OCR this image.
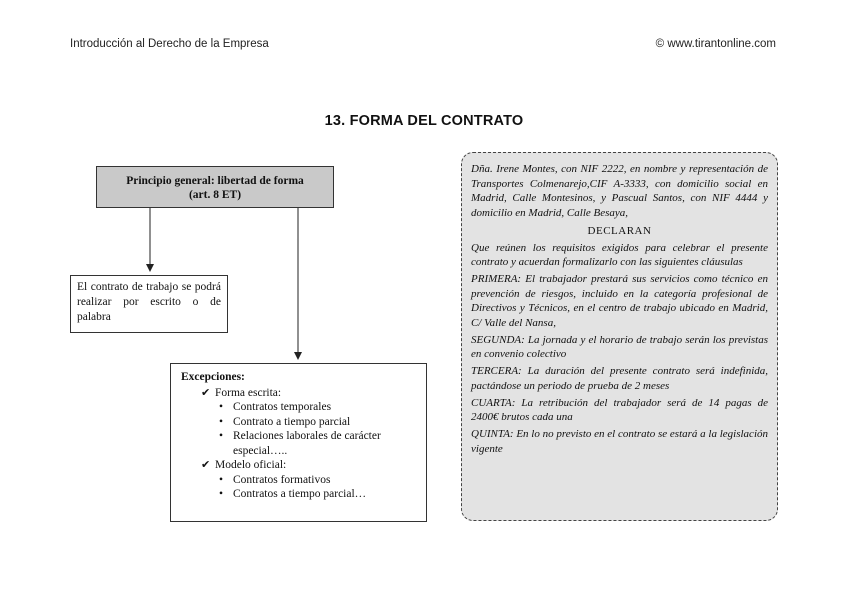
Introducción al Derecho de la Empresa	© www.tirantonline.com
13. FORMA DEL CONTRATO
Principio general: libertad de forma
(art. 8 ET)
El contrato de trabajo se podrá realizar por escrito o de palabra
Excepciones:
✔ Forma escrita:
• Contratos temporales
• Contrato a tiempo parcial
• Relaciones laborales de carácter especial…..
✔ Modelo oficial:
• Contratos formativos
• Contratos a tiempo parcial…

Dña. Irene Montes, con NIF 2222, en nombre y representación de Transportes Colmenarejo,CIF A-3333, con domicilio social en Madrid, Calle Montesinos, y Pascual Santos, con NIF 4444 y domicilio en Madrid, Calle Besaya,

DECLARAN

Que reúnen los requisitos exigidos para celebrar el presente contrato y acuerdan formalizarlo con las siguientes cláusulas

PRIMERA: El trabajador prestará sus servicios como técnico en prevención de riesgos, incluido en la categoría profesional de Directivos y Técnicos, en el centro de trabajo ubicado en Madrid, C/ Valle del Nansa,

SEGUNDA: La jornada y el horario de trabajo serán los previstas en convenio colectivo

TERCERA: La duración del presente contrato será indefinida, pactándose un periodo de prueba de 2 meses

CUARTA: La retribución del trabajador será de 14 pagas de 2400€ brutos cada una

QUINTA: En lo no previsto en el contrato se estará a la legislación vigente
